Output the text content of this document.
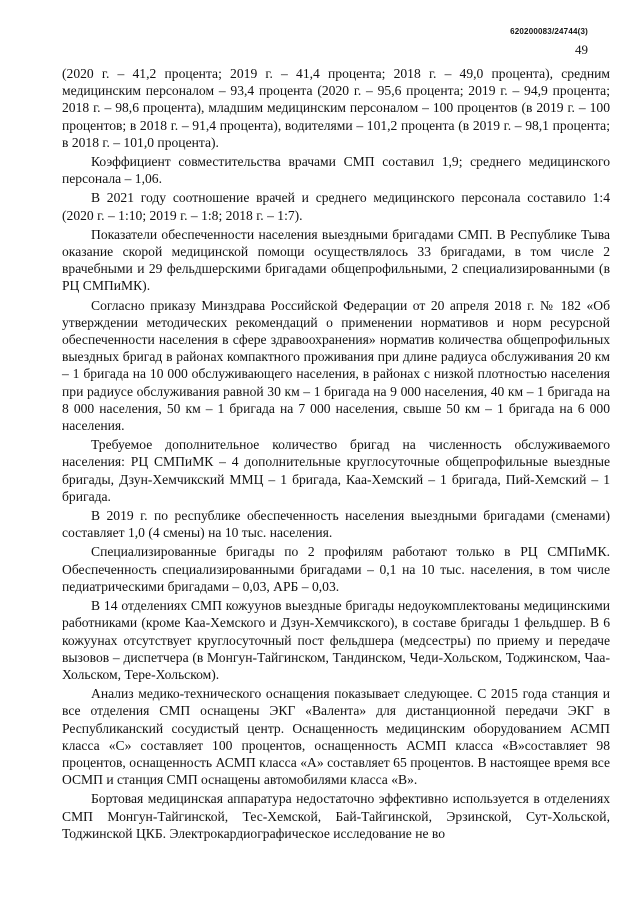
620200083/24744(3)
49

(2020 г. – 41,2 процента; 2019 г. – 41,4 процента; 2018 г. – 49,0 процента), средним медицинским персоналом – 93,4 процента (2020 г. – 95,6 процента; 2019 г. – 94,9 процента; 2018 г. – 98,6 процента), младшим медицинским персоналом – 100 процентов (в 2019 г. – 100 процентов; в 2018 г. – 91,4 процента), водителями – 101,2 процента (в 2019 г. – 98,1 процента; в 2018 г. – 101,0 процента).

Коэффициент совместительства врачами СМП составил 1,9; среднего медицинского персонала – 1,06.

В 2021 году соотношение врачей и среднего медицинского персонала составило 1:4 (2020 г. – 1:10; 2019 г. – 1:8; 2018 г. – 1:7).

Показатели обеспеченности населения выездными бригадами СМП. В Республике Тыва оказание скорой медицинской помощи осуществлялось 33 бригадами, в том числе 2 врачебными и 29 фельдшерскими бригадами общепрофильными, 2 специализированными (в РЦ СМПиМК).

Согласно приказу Минздрава Российской Федерации от 20 апреля 2018 г. № 182 «Об утверждении методических рекомендаций о применении нормативов и норм ресурсной обеспеченности населения в сфере здравоохранения» норматив количества общепрофильных выездных бригад в районах компактного проживания при длине радиуса обслуживания 20 км – 1 бригада на 10 000 обслуживающего населения, в районах с низкой плотностью населения при радиусе обслуживания равной 30 км – 1 бригада на 9 000 населения, 40 км – 1 бригада на 8 000 населения, 50 км – 1 бригада на 7 000 населения, свыше 50 км – 1 бригада на 6 000 населения.

Требуемое дополнительное количество бригад на численность обслуживаемого населения: РЦ СМПиМК – 4 дополнительные круглосуточные общепрофильные выездные бригады, Дзун-Хемчикский ММЦ – 1 бригада, Каа-Хемский – 1 бригада, Пий-Хемский – 1 бригада.

В 2019 г. по республике обеспеченность населения выездными бригадами (сменами) составляет 1,0 (4 смены) на 10 тыс. населения.

Специализированные бригады по 2 профилям работают только в РЦ СМПиМК. Обеспеченность специализированными бригадами – 0,1 на 10 тыс. населения, в том числе педиатрическими бригадами – 0,03, АРБ – 0,03.

В 14 отделениях СМП кожуунов выездные бригады недоукомплектованы медицинскими работниками (кроме Каа-Хемского и Дзун-Хемчикского), в составе бригады 1 фельдшер. В 6 кожуунах отсутствует круглосуточный пост фельдшера (медсестры) по приему и передаче вызовов – диспетчера (в Монгун-Тайгинском, Тандинском, Чеди-Хольском, Тоджинском, Чаа-Хольском, Тере-Хольском).

Анализ медико-технического оснащения показывает следующее. С 2015 года станция и все отделения СМП оснащены ЭКГ «Валента» для дистанционной передачи ЭКГ в Республиканский сосудистый центр. Оснащенность медицинским оборудованием АСМП класса «С» составляет 100 процентов, оснащенность АСМП класса «В»составляет 98 процентов, оснащенность АСМП класса «А» составляет 65 процентов. В настоящее время все ОСМП и станция СМП оснащены автомобилями класса «В».

Бортовая медицинская аппаратура недостаточно эффективно используется в отделениях СМП Монгун-Тайгинской, Тес-Хемской, Бай-Тайгинской, Эрзинской, Сут-Хольской, Тоджинской ЦКБ. Электрокардиографическое исследование не во
